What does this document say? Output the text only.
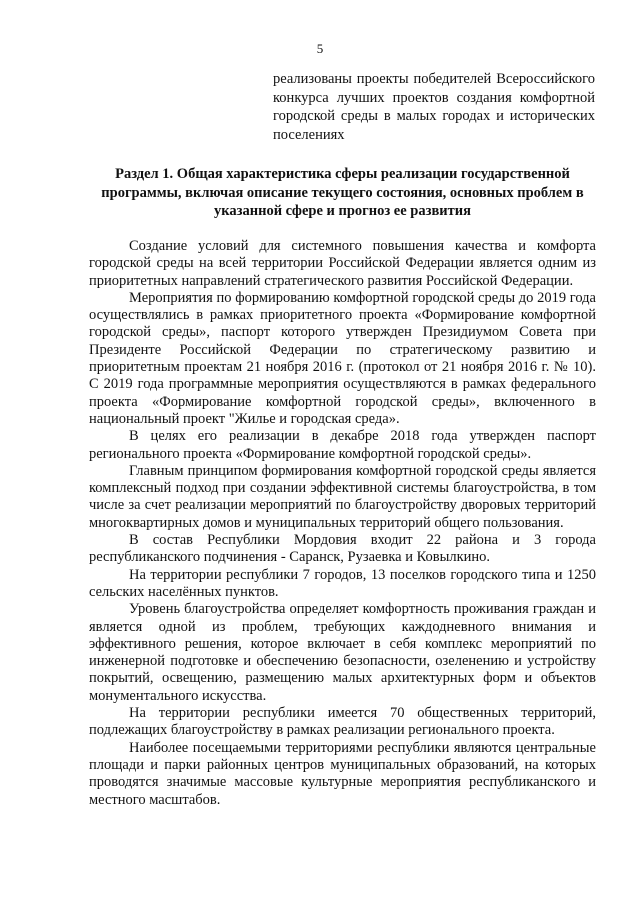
5
реализованы проекты победителей Всероссийского конкурса лучших проектов создания комфортной городской среды в малых городах и исторических поселениях
Раздел 1. Общая характеристика сферы реализации государственной программы, включая описание текущего состояния, основных проблем в указанной сфере и прогноз ее развития

Создание условий для системного повышения качества и комфорта городской среды на всей территории Российской Федерации является одним из приоритетных направлений стратегического развития Российской Федерации.

Мероприятия по формированию комфортной городской среды до 2019 года осуществлялись в рамках приоритетного проекта «Формирование комфортной городской среды», паспорт которого утвержден Президиумом Совета при Президенте Российской Федерации по стратегическому развитию и приоритетным проектам 21 ноября 2016 г. (протокол от 21 ноября 2016 г. № 10). С 2019 года программные мероприятия осуществляются в рамках федерального проекта «Формирование комфортной городской среды», включенного в национальный проект "Жилье и городская среда».

В целях его реализации в декабре 2018 года утвержден паспорт регионального проекта «Формирование комфортной городской среды».

Главным принципом формирования комфортной городской среды является комплексный подход при создании эффективной системы благоустройства, в том числе за счет реализации мероприятий по благоустройству дворовых территорий многоквартирных домов и муниципальных территорий общего пользования.

В состав Республики Мордовия входит 22 района и 3 города республиканского подчинения - Саранск, Рузаевка и Ковылкино.

На территории республики 7 городов, 13 поселков городского типа и 1250 сельских населённых пунктов.

Уровень благоустройства определяет комфортность проживания граждан и является одной из проблем, требующих каждодневного внимания и эффективного решения, которое включает в себя комплекс мероприятий по инженерной подготовке и обеспечению безопасности, озеленению и устройству покрытий, освещению, размещению малых архитектурных форм и объектов монументального искусства.

На территории республики имеется 70 общественных территорий, подлежащих благоустройству в рамках реализации регионального проекта.

Наиболее посещаемыми территориями республики являются центральные площади и парки районных центров муниципальных образований, на которых проводятся значимые массовые культурные мероприятия республиканского и местного масштабов.
